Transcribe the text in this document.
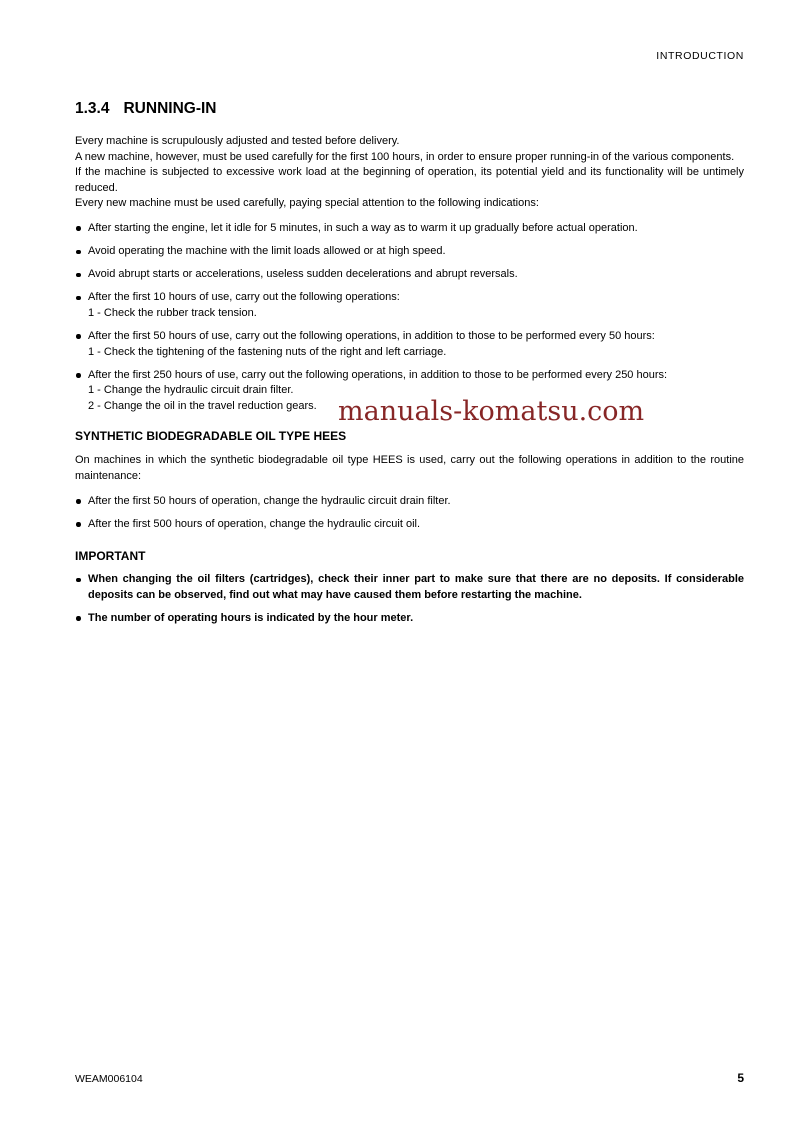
INTRODUCTION
manuals-komatsu.com
1.3.4 RUNNING-IN

Every machine is scrupulously adjusted and tested before delivery.

A new machine, however, must be used carefully for the first 100 hours, in order to ensure proper running-in of the various components.

If the machine is subjected to excessive work load at the beginning of operation, its potential yield and its functionality will be untimely reduced.

Every new machine must be used carefully, paying special attention to the following indications:

After starting the engine, let it idle for 5 minutes, in such a way as to warm it up gradually before actual operation.
Avoid operating the machine with the limit loads allowed or at high speed.
Avoid abrupt starts or accelerations, useless sudden decelerations and abrupt reversals.
After the first 10 hours of use, carry out the following operations:
1 - Check the rubber track tension.
After the first 50 hours of use, carry out the following operations, in addition to those to be performed every 50 hours:
1 - Check the tightening of the fastening nuts of the right and left carriage.
After the first 250 hours of use, carry out the following operations, in addition to those to be performed every 250 hours:
1 - Change the hydraulic circuit drain filter.
2 - Change the oil in the travel reduction gears.
SYNTHETIC BIODEGRADABLE OIL TYPE HEES

On machines in which the synthetic biodegradable oil type HEES is used, carry out the following operations in addition to the routine maintenance:

After the first 50 hours of operation, change the hydraulic circuit drain filter.
After the first 500 hours of operation, change the hydraulic circuit oil.
IMPORTANT
When changing the oil filters (cartridges), check their inner part to make sure that there are no deposits. If considerable deposits can be observed, find out what may have caused them before restarting the machine.
The number of operating hours is indicated by the hour meter.
WEAM006104	5
